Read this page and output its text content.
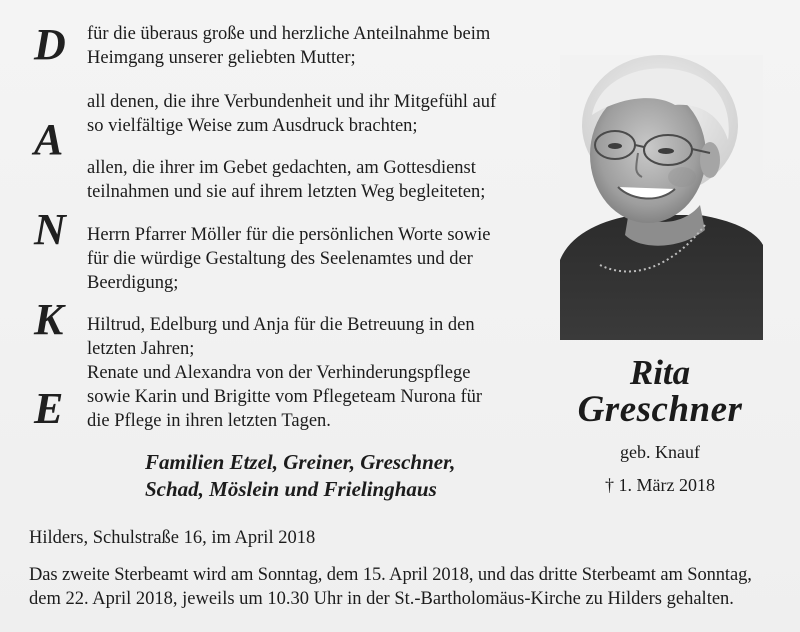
D
A
N
K
E

für die überaus große und herzliche Anteilnahme beim

Heimgang unserer geliebten Mutter;

all denen, die ihre Verbundenheit und ihr Mitgefühl auf

so vielfältige Weise zum Ausdruck brachten;

allen, die ihrer im Gebet gedachten, am Gottesdienst

teilnahmen und sie auf ihrem letzten Weg begleiteten;

Herrn Pfarrer Möller für die persönlichen Worte sowie

für die würdige Gestaltung des Seelenamtes und der

Beerdigung;

Hiltrud, Edelburg und Anja für die Betreuung in den

letzten Jahren;

Renate und Alexandra von der Verhinderungspflege

sowie Karin und Brigitte vom Pflegeteam Nurona für

die Pflege in ihren letzten Tagen.

Familien Etzel, Greiner, Greschner,
Schad, Möslein und Frielinghaus
Rita
Greschner
geb. Knauf
† 1. März 2018
Hilders, Schulstraße 16, im April 2018
Das zweite Sterbeamt wird am Sonntag, dem 15. April 2018, und das dritte Sterbeamt am Sonntag,
dem 22. April 2018, jeweils um 10.30 Uhr in der St.-Bartholomäus-Kirche zu Hilders gehalten.
